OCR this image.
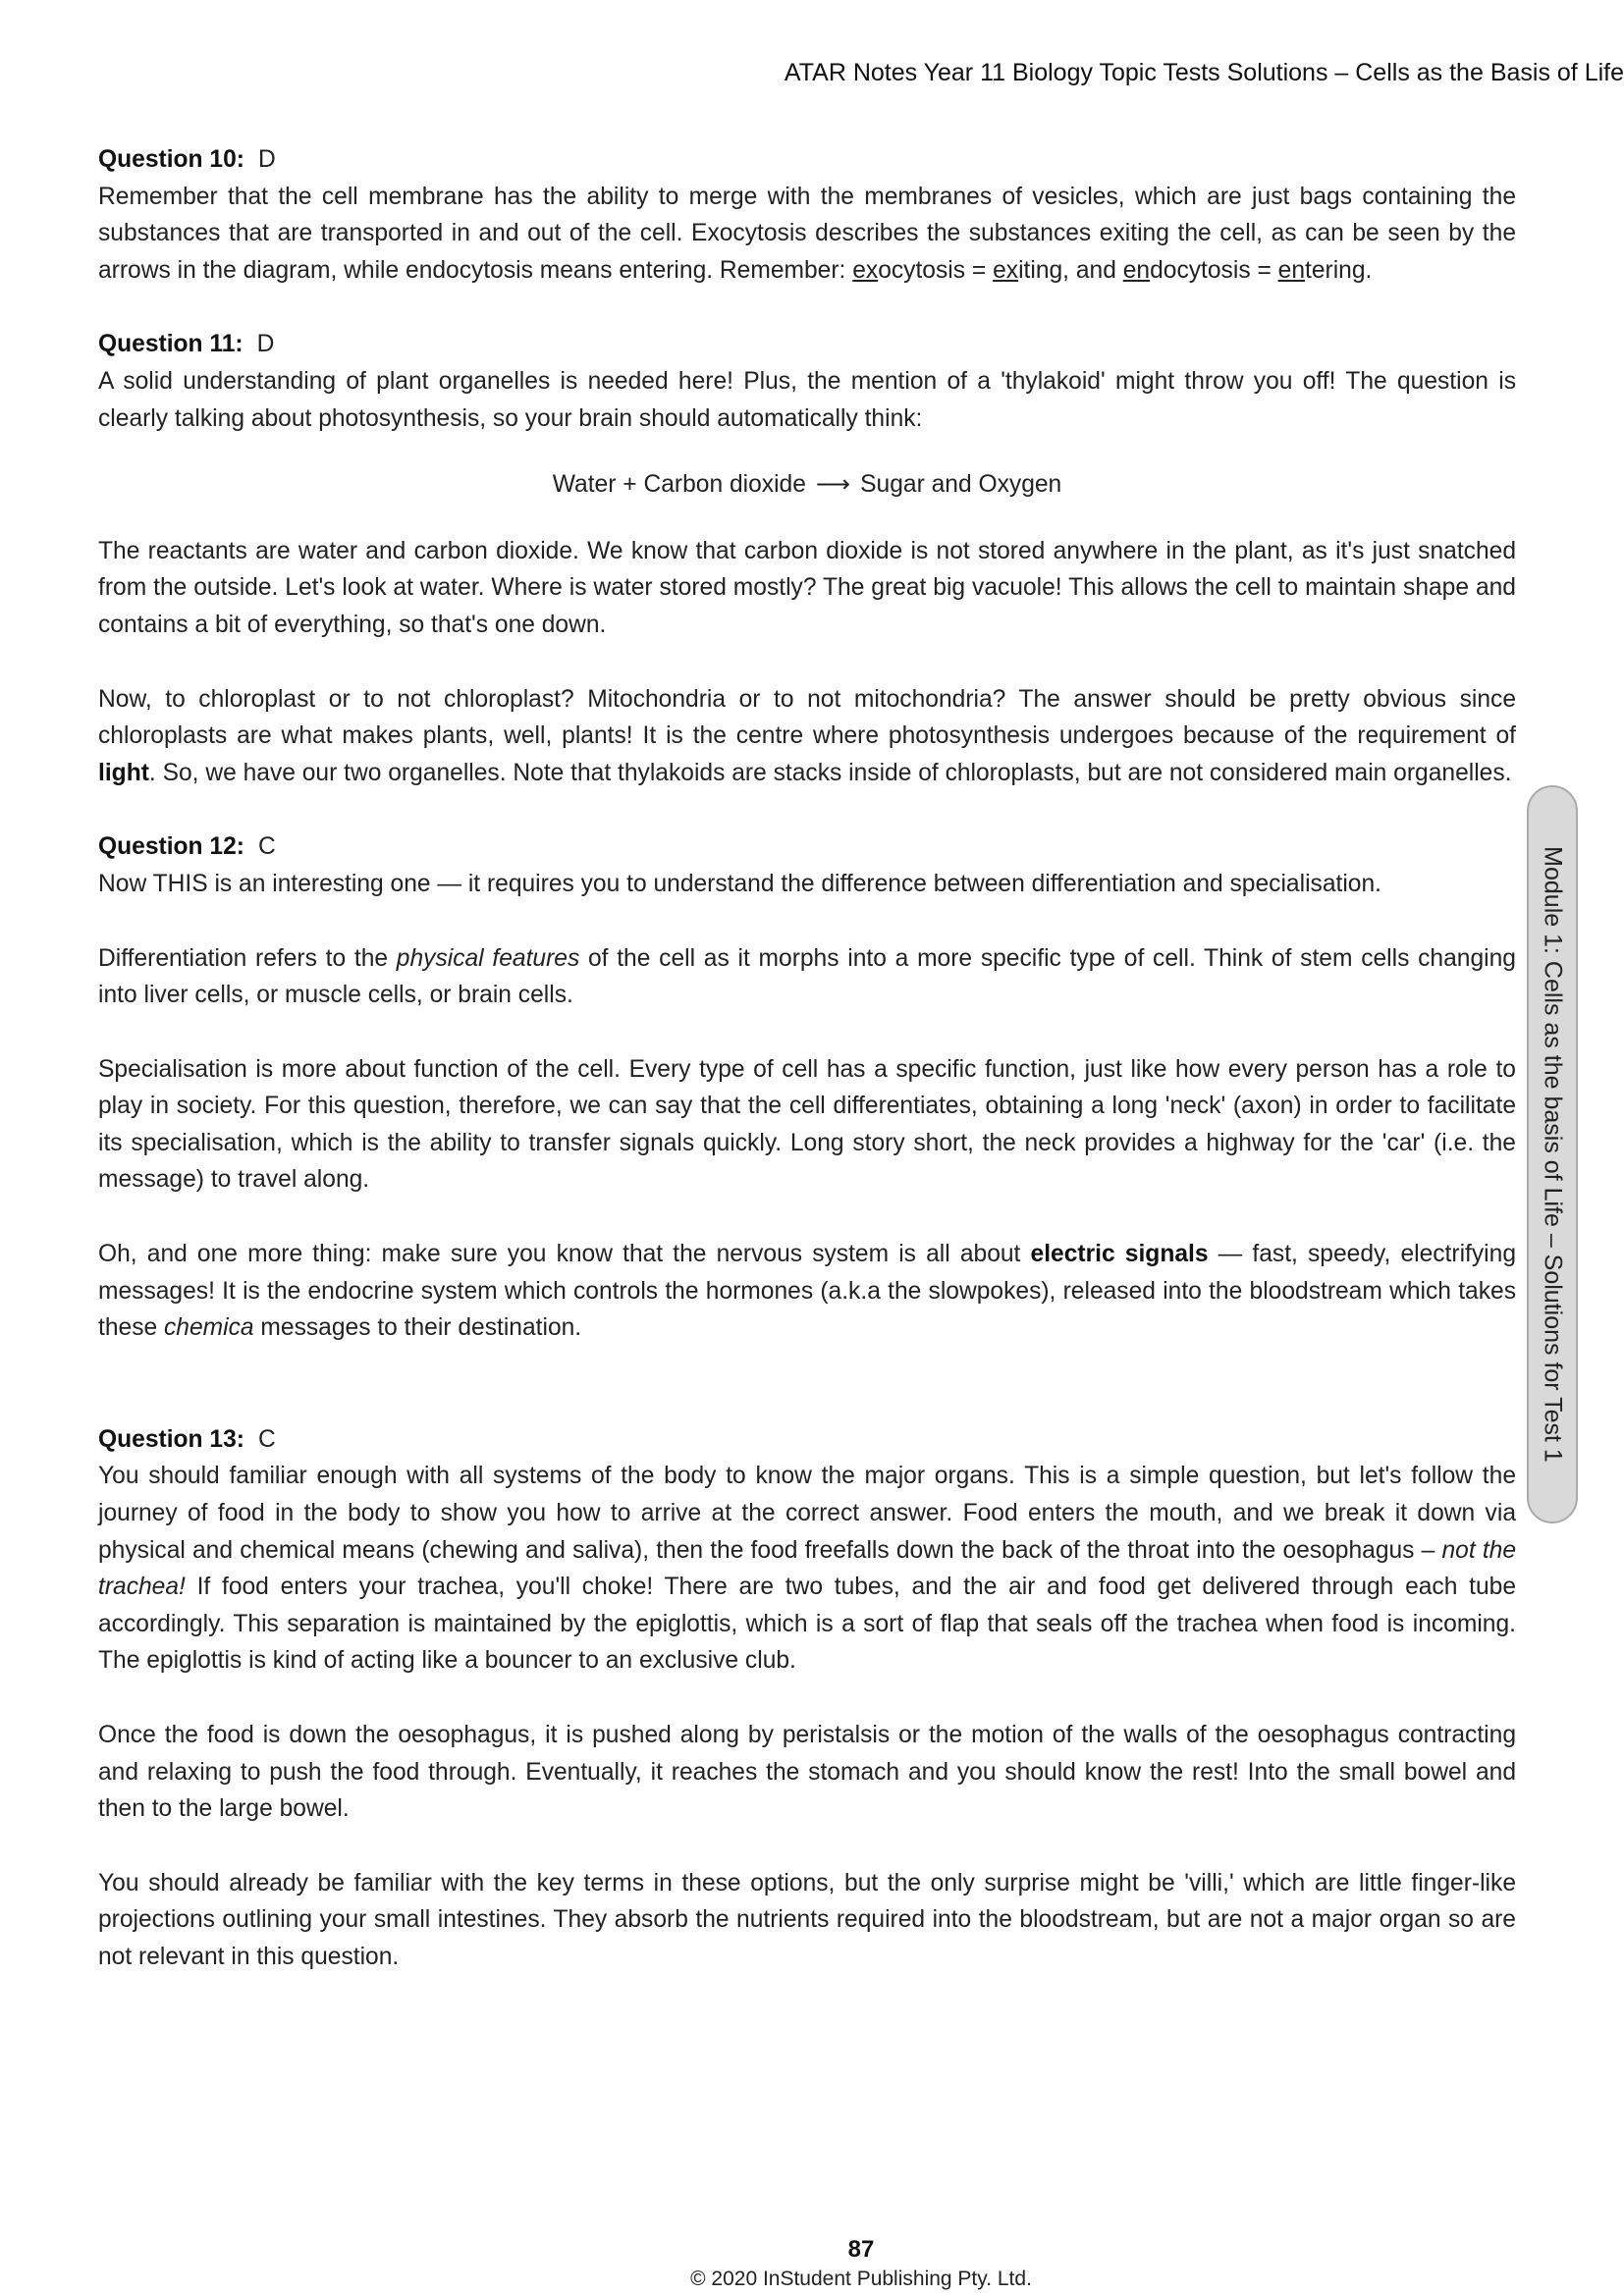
ATAR Notes Year 11 Biology Topic Tests Solutions – Cells as the Basis of Life

Question 10: D

Remember that the cell membrane has the ability to merge with the membranes of vesicles, which are just bags containing the substances that are transported in and out of the cell. Exocytosis describes the substances exiting the cell, as can be seen by the arrows in the diagram, while endocytosis means entering. Remember: exocytosis = exiting, and endocytosis = entering.

Question 11: D

A solid understanding of plant organelles is needed here! Plus, the mention of a 'thylakoid' might throw you off! The question is clearly talking about photosynthesis, so your brain should automatically think:

Water + Carbon dioxide ⟶ Sugar and Oxygen

The reactants are water and carbon dioxide. We know that carbon dioxide is not stored anywhere in the plant, as it's just snatched from the outside. Let's look at water. Where is water stored mostly? The great big vacuole! This allows the cell to maintain shape and contains a bit of everything, so that's one down.

Now, to chloroplast or to not chloroplast? Mitochondria or to not mitochondria? The answer should be pretty obvious since chloroplasts are what makes plants, well, plants! It is the centre where photosynthesis undergoes because of the requirement of light. So, we have our two organelles. Note that thylakoids are stacks inside of chloroplasts, but are not considered main organelles.

Question 12: C

Now THIS is an interesting one — it requires you to understand the difference between differentiation and specialisation.

Differentiation refers to the physical features of the cell as it morphs into a more specific type of cell. Think of stem cells changing into liver cells, or muscle cells, or brain cells.

Specialisation is more about function of the cell. Every type of cell has a specific function, just like how every person has a role to play in society. For this question, therefore, we can say that the cell differentiates, obtaining a long 'neck' (axon) in order to facilitate its specialisation, which is the ability to transfer signals quickly. Long story short, the neck provides a highway for the 'car' (i.e. the message) to travel along.

Oh, and one more thing: make sure you know that the nervous system is all about electric signals — fast, speedy, electrifying messages! It is the endocrine system which controls the hormones (a.k.a the slowpokes), released into the bloodstream which takes these chemica messages to their destination.

Question 13: C

You should familiar enough with all systems of the body to know the major organs. This is a simple question, but let's follow the journey of food in the body to show you how to arrive at the correct answer. Food enters the mouth, and we break it down via physical and chemical means (chewing and saliva), then the food freefalls down the back of the throat into the oesophagus – not the trachea! If food enters your trachea, you'll choke! There are two tubes, and the air and food get delivered through each tube accordingly. This separation is maintained by the epiglottis, which is a sort of flap that seals off the trachea when food is incoming. The epiglottis is kind of acting like a bouncer to an exclusive club.

Once the food is down the oesophagus, it is pushed along by peristalsis or the motion of the walls of the oesophagus contracting and relaxing to push the food through. Eventually, it reaches the stomach and you should know the rest! Into the small bowel and then to the large bowel.

You should already be familiar with the key terms in these options, but the only surprise might be 'villi,' which are little finger-like projections outlining your small intestines. They absorb the nutrients required into the bloodstream, but are not a major organ so are not relevant in this question.

Module 1: Cells as the basis of Life – Solutions for Test 1
87
© 2020 InStudent Publishing Pty. Ltd.
